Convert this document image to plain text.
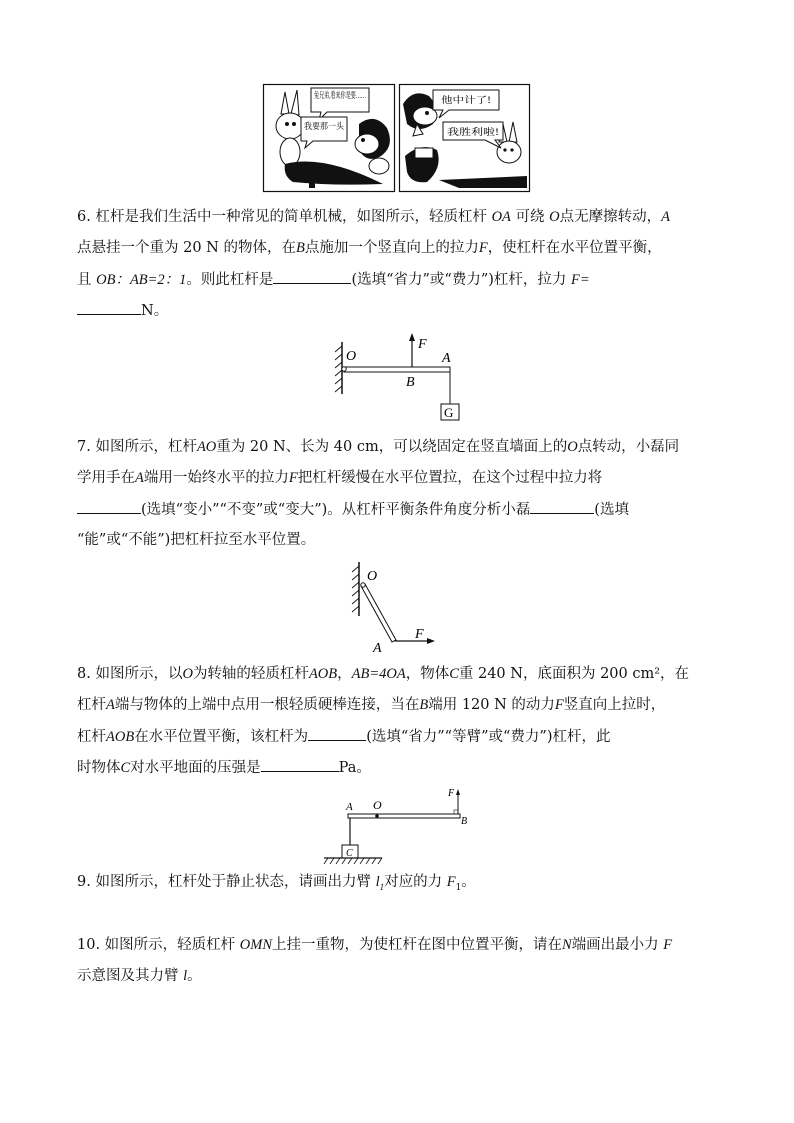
兔兄弟,看来你是要……
我要那一头
他中计了!
我胜利啦!
6. 杠杆是我们生活中一种常见的简单机械，如图所示，轻质杠杆 OA 可绕 O点无摩擦转动，A
点悬挂一个重为 20 N 的物体，在B点施加一个竖直向上的拉力F，使杠杆在水平位置平衡，
且 OB：AB=2：1。则此杠杆是	(选填“省力”或“费力”)杠杆，拉力 F=
N。
O
F
A
B
G
7. 如图所示，杠杆AO重为 20 N、长为 40 cm，可以绕固定在竖直墙面上的O点转动，小磊同
学用手在A端用一始终水平的拉力F把杠杆缓慢在水平位置拉，在这个过程中拉力将
(选填“变小”“不变”或“变大”)。从杠杆平衡条件角度分析小磊	(选填
“能”或“不能”)把杠杆拉至水平位置。
O
A
F
8. 如图所示，以O为转轴的轻质杠杆AOB，AB=4OA，物体C重 240 N，底面积为 200 cm²，在
杠杆A端与物体的上端中点用一根轻质硬棒连接，当在B端用 120 N 的动力F竖直向上拉时，
杠杆AOB在水平位置平衡，该杠杆为	(选填“省力”“等臂”或“费力”)杠杆，此
时物体C对水平地面的压强是	Pa。
A O
F
B
C
9. 如图所示，杠杆处于静止状态，请画出力臂 $l_1$对应的力 $F_1$。
10. 如图所示，轻质杠杆 OMN上挂一重物，为使杠杆在图中位置平衡，请在N端画出最小力 F
示意图及其力臂 l。
